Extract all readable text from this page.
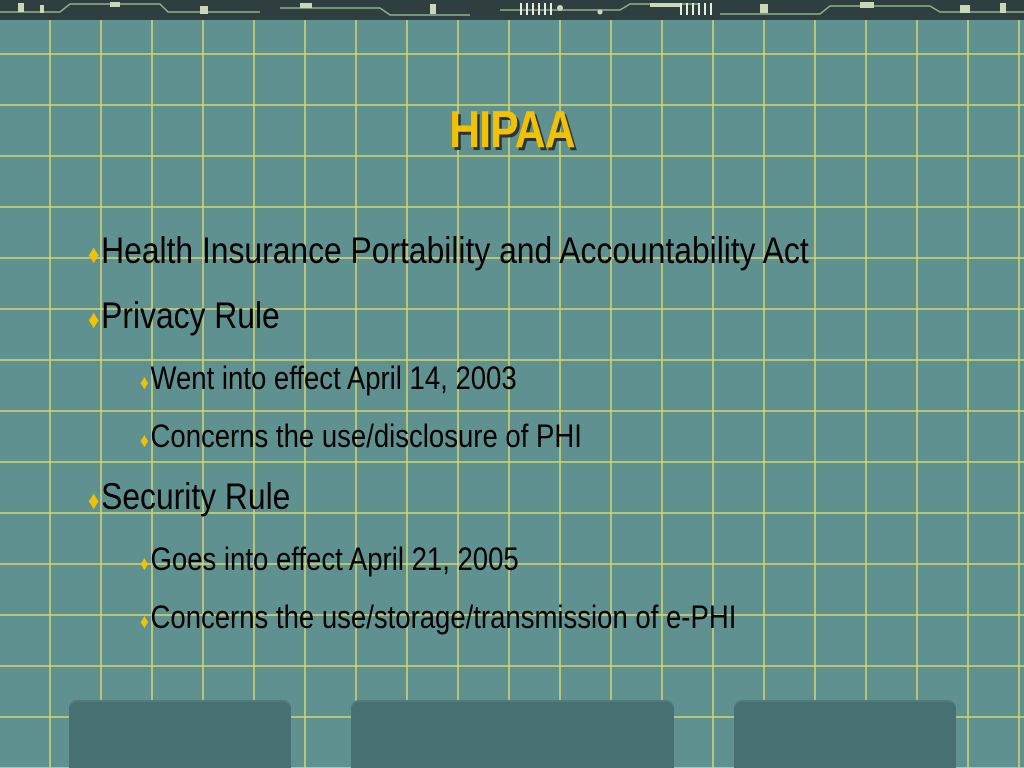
HIPAA
♦ Health Insurance Portability and Accountability Act
♦ Privacy Rule
♦ Went into effect April 14, 2003
♦ Concerns the use/disclosure of PHI
♦ Security Rule
♦ Goes into effect April 21, 2005
♦ Concerns the use/storage/transmission of e-PHI
